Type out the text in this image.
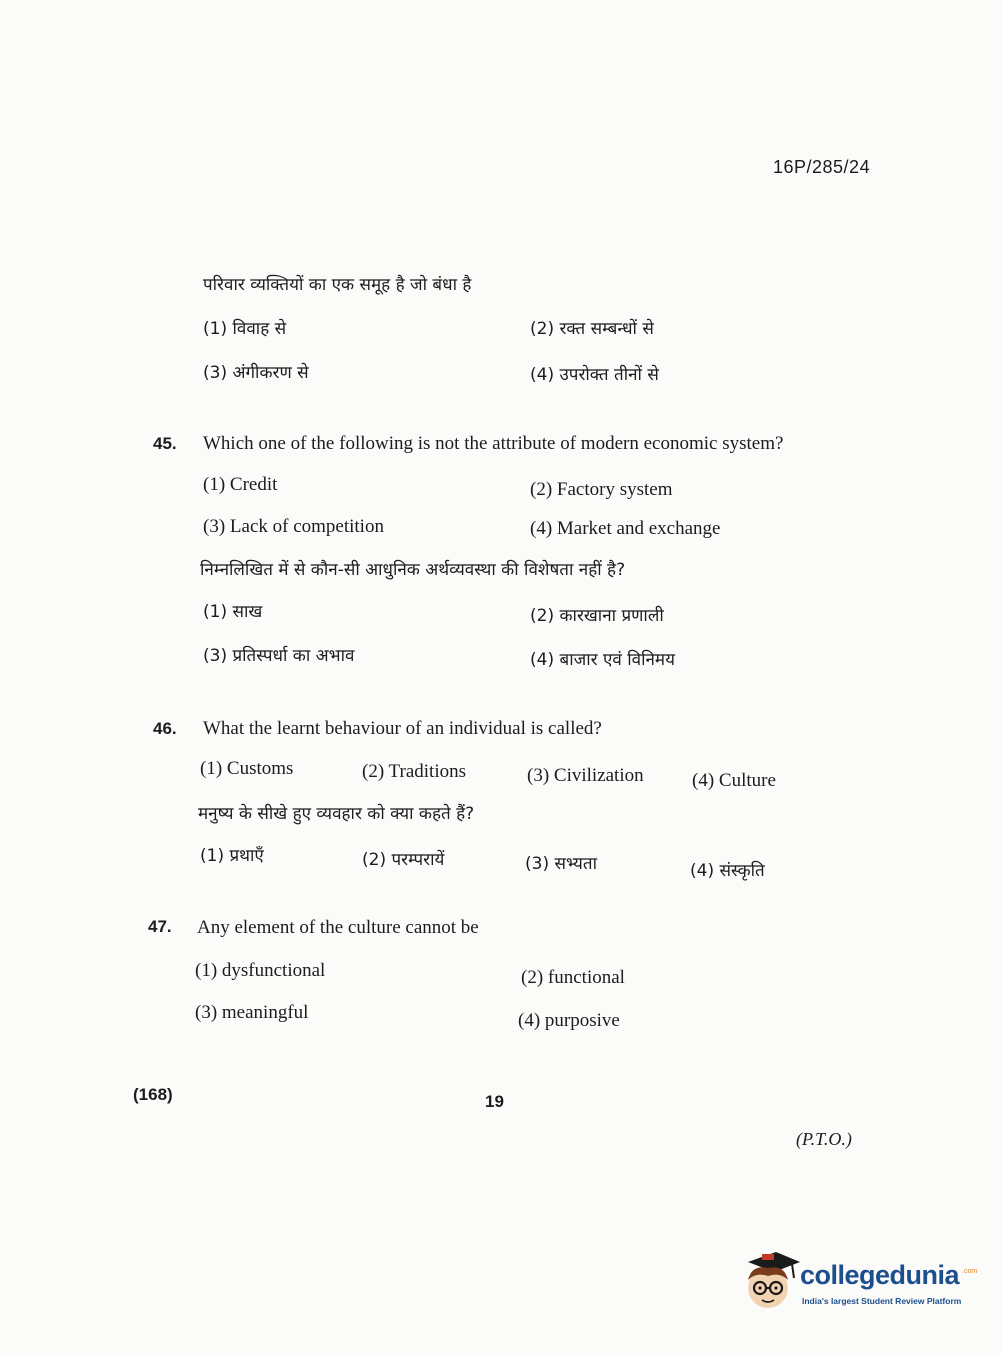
16P/285/24
परिवार व्यक्तियों का एक समूह है जो बंधा है
(1) विवाह से	(2) रक्त सम्बन्धों से
(3) अंगीकरण से	(4) उपरोक्त तीनों से
45. Which one of the following is not the attribute of modern economic system?
(1) Credit	(2) Factory system
(3) Lack of competition	(4) Market and exchange
निम्नलिखित में से कौन-सी आधुनिक अर्थव्यवस्था की विशेषता नहीं है?
(1) साख	(2) कारखाना प्रणाली
(3) प्रतिस्पर्धा का अभाव	(4) बाजार एवं विनिमय
46. What the learnt behaviour of an individual is called?
(1) Customs	(2) Traditions	(3) Civilization	(4) Culture
मनुष्य के सीखे हुए व्यवहार को क्या कहते हैं?
(1) प्रथाएँ	(2) परम्परायें	(3) सभ्यता	(4) संस्कृति
47. Any element of the culture cannot be
(1) dysfunctional	(2) functional
(3) meaningful	(4) purposive
(168)	19
(P.T.O.)
collegedunia .com
India's largest Student Review Platform
